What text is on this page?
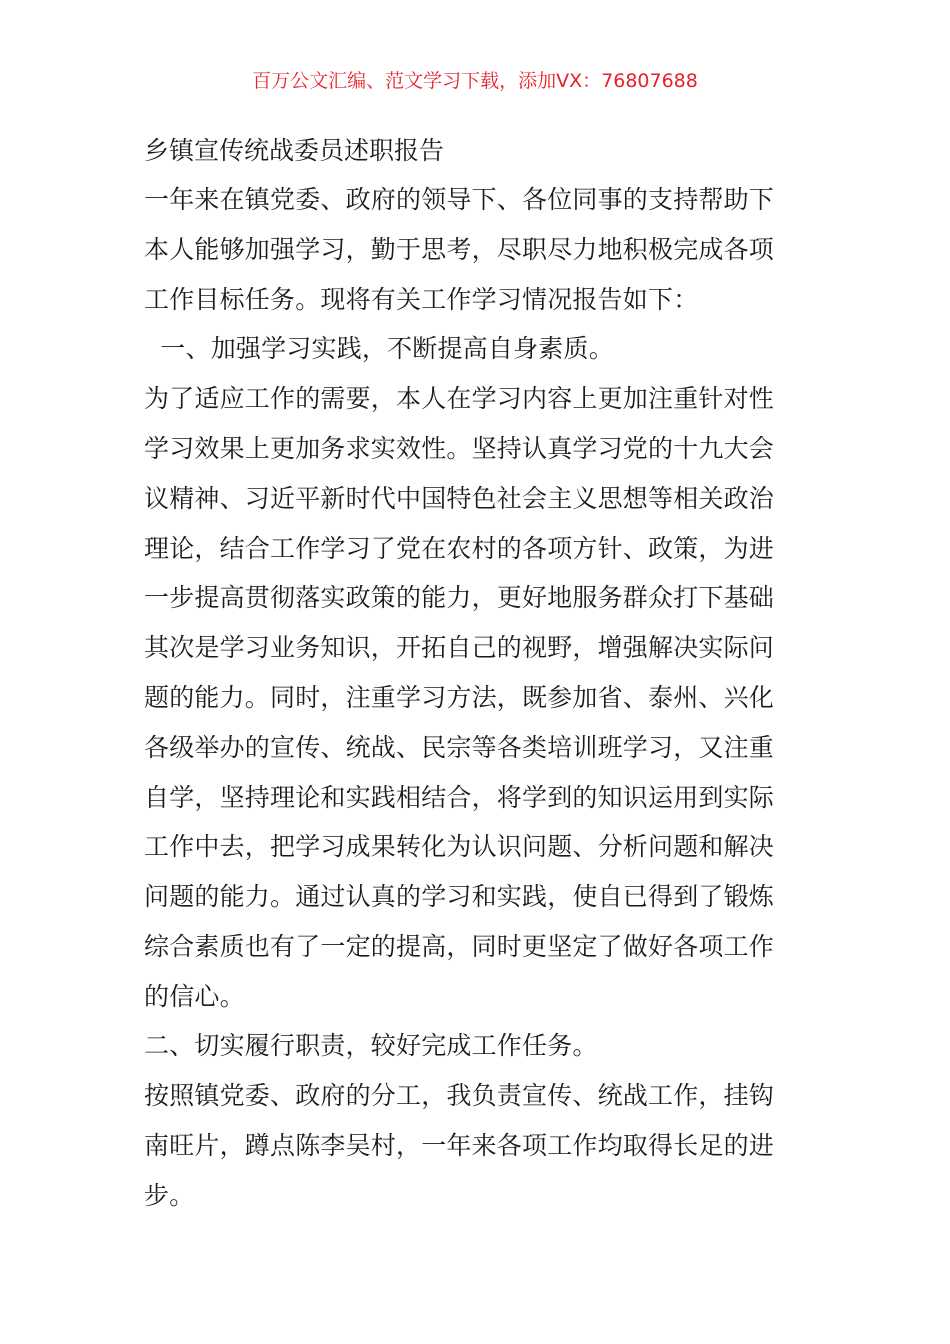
百万公文汇编、范文学习下载，添加VX：76807688
乡镇宣传统战委员述职报告
一年来在镇党委、政府的领导下、各位同事的支持帮助下
本人能够加强学习，勤于思考，尽职尽力地积极完成各项
工作目标任务。现将有关工作学习情况报告如下：
一、加强学习实践，不断提高自身素质。
为了适应工作的需要，本人在学习内容上更加注重针对性
学习效果上更加务求实效性。坚持认真学习党的十九大会
议精神、习近平新时代中国特色社会主义思想等相关政治
理论，结合工作学习了党在农村的各项方针、政策，为进
一步提高贯彻落实政策的能力，更好地服务群众打下基础
其次是学习业务知识，开拓自己的视野，增强解决实际问
题的能力。同时，注重学习方法，既参加省、泰州、兴化
各级举办的宣传、统战、民宗等各类培训班学习，又注重
自学，坚持理论和实践相结合，将学到的知识运用到实际
工作中去，把学习成果转化为认识问题、分析问题和解决
问题的能力。通过认真的学习和实践，使自已得到了锻炼
综合素质也有了一定的提高，同时更坚定了做好各项工作
的信心。
二、切实履行职责，较好完成工作任务。
按照镇党委、政府的分工，我负责宣传、统战工作，挂钩
南旺片，蹲点陈李吴村，一年来各项工作均取得长足的进
步。
